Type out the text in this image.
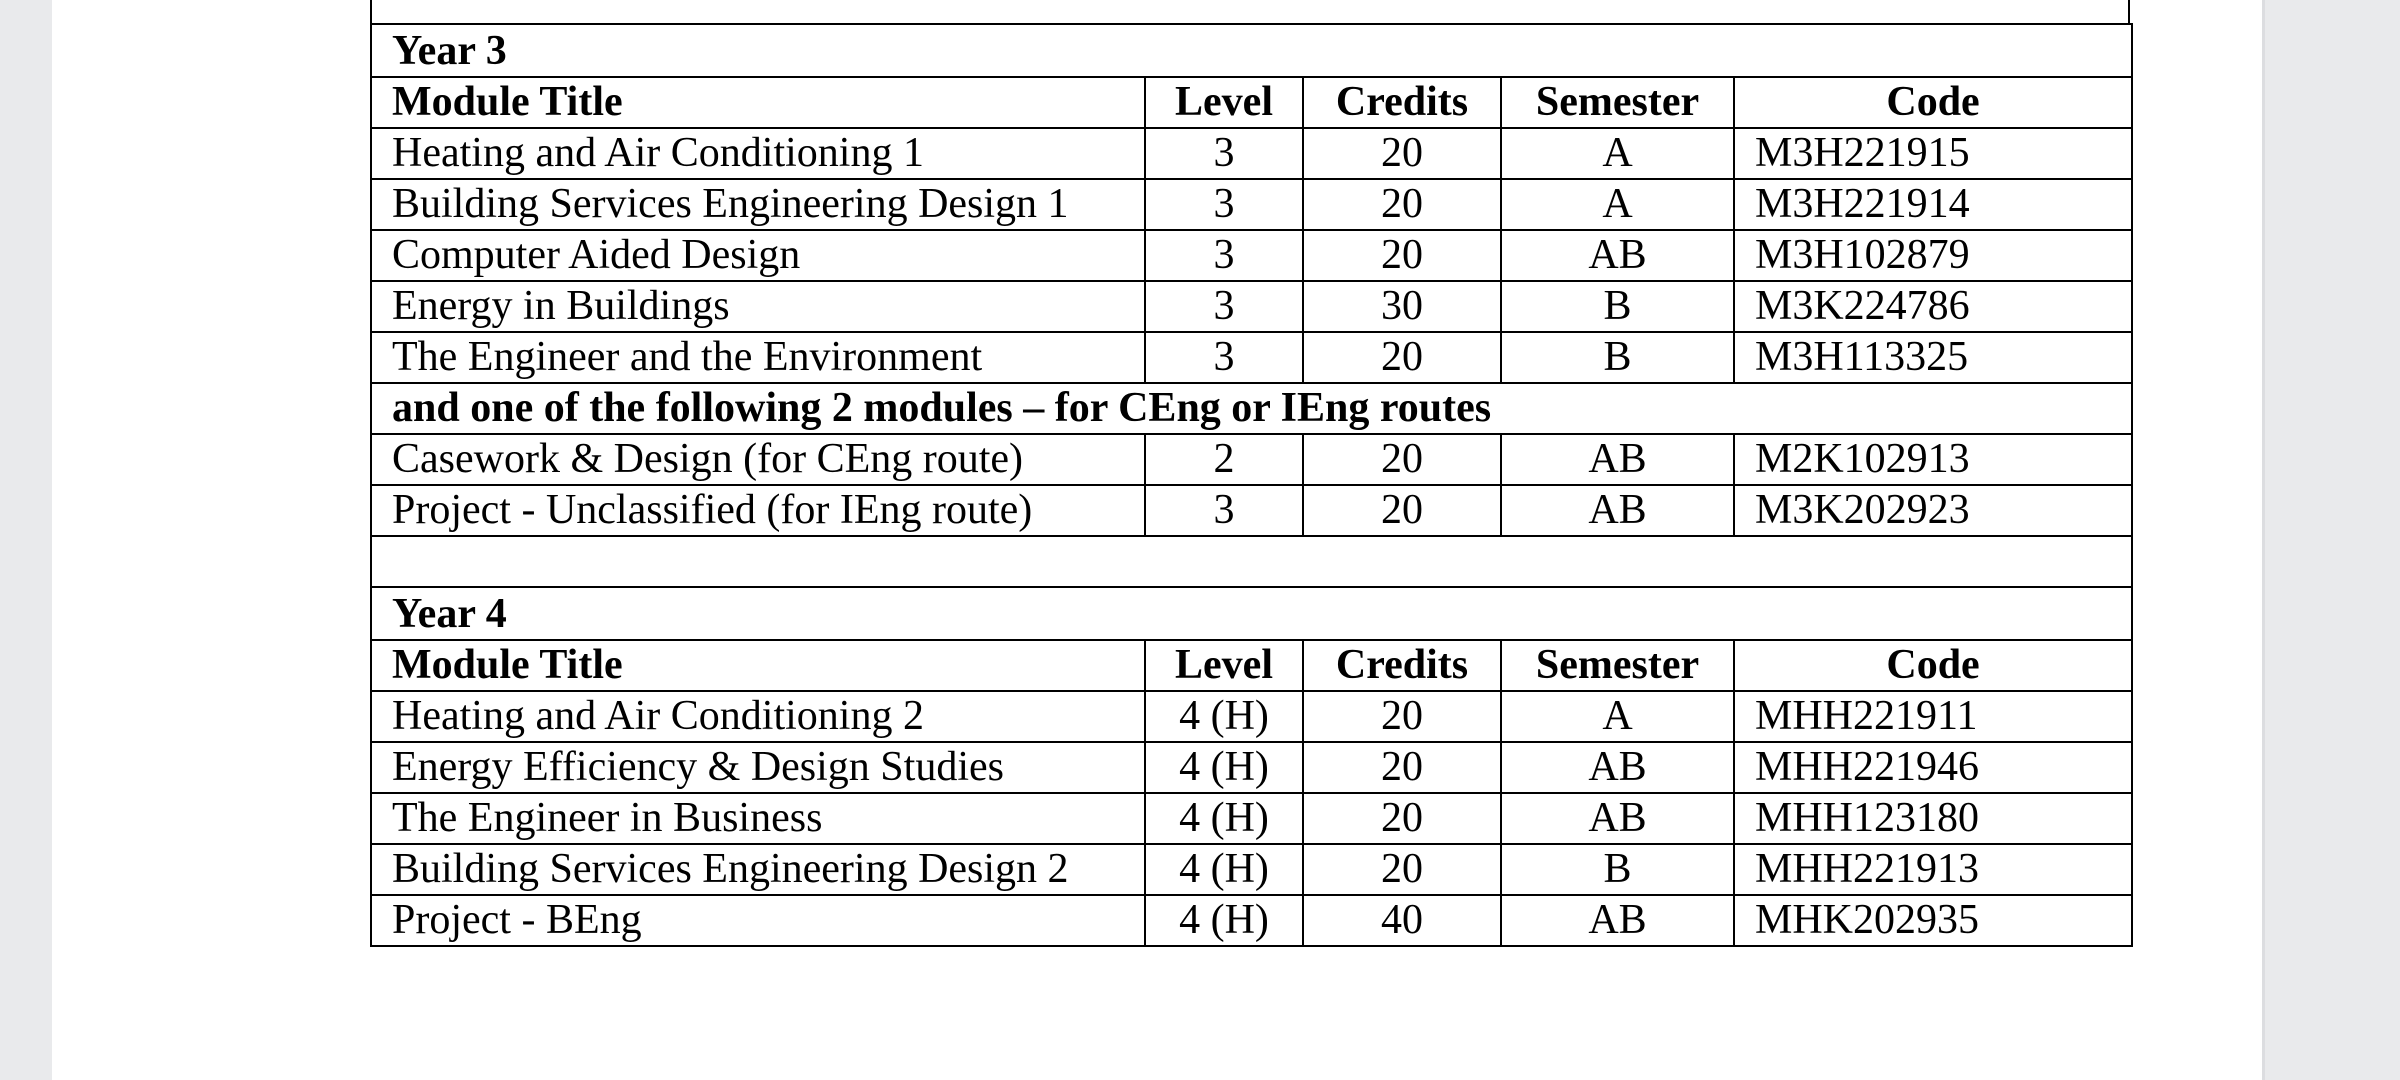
Year 3				
Module Title	Level	Credits	Semester	Code
Heating and Air Conditioning 1	3	20	A	M3H221915
Building Services Engineering Design 1	3	20	A	M3H221914
Computer Aided Design	3	20	AB	M3H102879
Energy in Buildings	3	30	B	M3K224786
The Engineer and the Environment	3	20	B	M3H113325
and one of the following 2 modules – for CEng or IEng routes				
Casework & Design (for CEng route)	2	20	AB	M2K102913
Project - Unclassified (for IEng route)	3	20	AB	M3K202923

Year 4				
Module Title	Level	Credits	Semester	Code
Heating and Air Conditioning 2	4 (H)	20	A	MHH221911
Energy Efficiency & Design Studies	4 (H)	20	AB	MHH221946
The Engineer in Business	4 (H)	20	AB	MHH123180
Building Services Engineering Design 2	4 (H)	20	B	MHH221913
Project - BEng	4 (H)	40	AB	MHK202935
